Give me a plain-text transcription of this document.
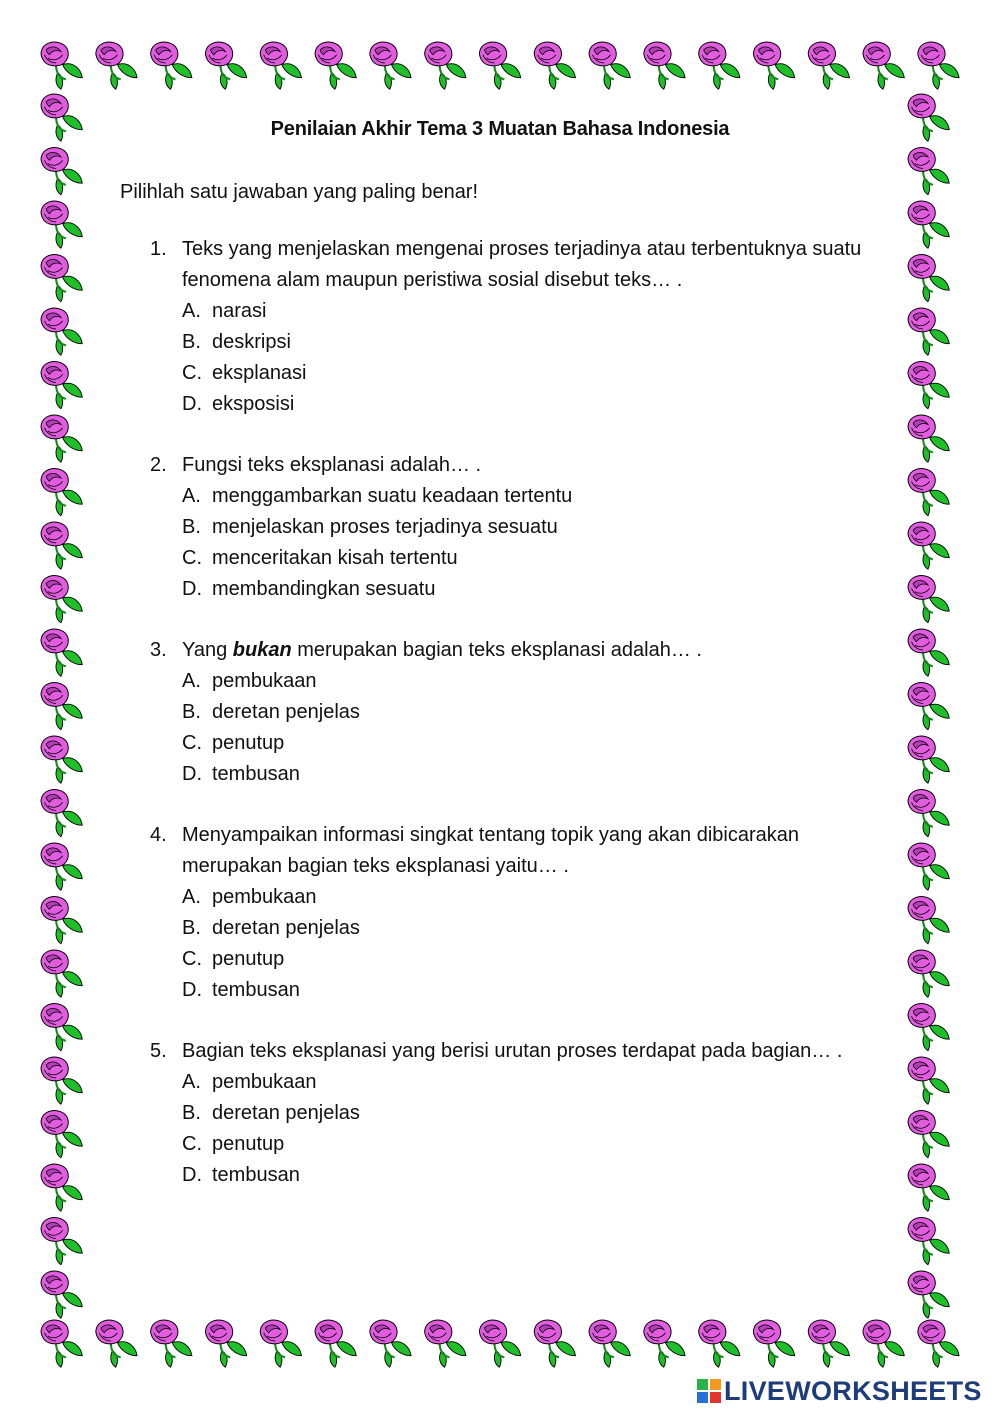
Penilaian Akhir Tema 3 Muatan Bahasa Indonesia
Pilihlah satu jawaban yang paling benar!
1. Teks yang menjelaskan mengenai proses terjadinya atau terbentuknya suatu fenomena alam maupun peristiwa sosial disebut teks… .
A. narasi
B. deskripsi
C. eksplanasi
D. eksposisi
2. Fungsi teks eksplanasi adalah… .
A. menggambarkan suatu keadaan tertentu
B. menjelaskan proses terjadinya sesuatu
C. menceritakan kisah tertentu
D. membandingkan sesuatu
3. Yang bukan merupakan bagian teks eksplanasi adalah… .
A. pembukaan
B. deretan penjelas
C. penutup
D. tembusan
4. Menyampaikan informasi singkat tentang topik yang akan dibicarakan merupakan bagian teks eksplanasi yaitu… .
A. pembukaan
B. deretan penjelas
C. penutup
D. tembusan
5. Bagian teks eksplanasi yang berisi urutan proses terdapat pada bagian… .
A. pembukaan
B. deretan penjelas
C. penutup
D. tembusan
LIVEWORKSHEETS
